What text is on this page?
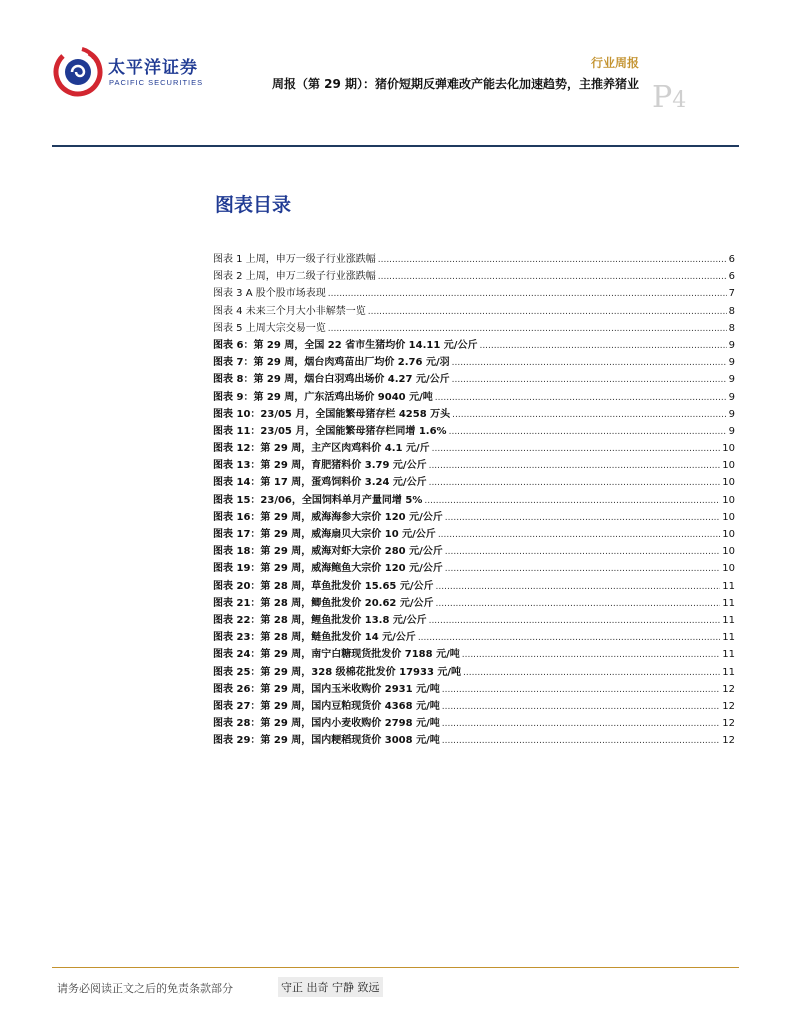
太平洋证券
PACIFIC SECURITIES
行业周报
周报（第 29 期）：猪价短期反弹难改产能去化加速趋势，主推养猪业 P4
图表目录
图表 1 上周，申万一级子行业涨跌幅 .....	6
图表 2 上周，申万二级子行业涨跌幅 .....	6
图表 3 A 股个股市场表现 .....	7
图表 4 未来三个月大小非解禁一览 .....	8
图表 5 上周大宗交易一览 .....	8
图表 6：第 29 周，全国 22 省市生猪均价 14.11 元/公斤 .....	9
图表 7：第 29 周，烟台肉鸡苗出厂均价 2.76 元/羽 .....	9
图表 8：第 29 周，烟台白羽鸡出场价 4.27 元/公斤 .....	9
图表 9：第 29 周，广东活鸡出场价 9040 元/吨 .....	9
图表 10：23/05 月，全国能繁母猪存栏 4258 万头 .....	9
图表 11：23/05 月，全国能繁母猪存栏同增 1.6% .....	9
图表 12：第 29 周，主产区肉鸡料价 4.1 元/斤 .....	10
图表 13：第 29 周，育肥猪料价 3.79 元/公斤 .....	10
图表 14：第 17 周，蛋鸡饲料价 3.24 元/公斤 .....	10
图表 15：23/06，全国饲料单月产量同增 5% .....	10
图表 16：第 29 周，威海海参大宗价 120 元/公斤 .....	10
图表 17：第 29 周，威海扇贝大宗价 10 元/公斤 .....	10
图表 18：第 29 周，威海对虾大宗价 280 元/公斤 .....	10
图表 19：第 29 周，威海鲍鱼大宗价 120 元/公斤 .....	10
图表 20：第 28 周，草鱼批发价 15.65 元/公斤 .....	11
图表 21：第 28 周，鲫鱼批发价 20.62 元/公斤 .....	11
图表 22：第 28 周，鲤鱼批发价 13.8 元/公斤 .....	11
图表 23：第 28 周，鲢鱼批发价 14 元/公斤 .....	11
图表 24：第 29 周，南宁白糖现货批发价 7188 元/吨 .....	11
图表 25：第 29 周，328 级棉花批发价 17933 元/吨 .....	11
图表 26：第 29 周，国内玉米收购价 2931 元/吨 .....	12
图表 27：第 29 周，国内豆粕现货价 4368 元/吨 .....	12
图表 28：第 29 周，国内小麦收购价 2798 元/吨 .....	12
图表 29：第 29 周，国内粳稻现货价 3008 元/吨 .....	12
请务必阅读正文之后的免责条款部分	守正 出奇 宁静 致远
